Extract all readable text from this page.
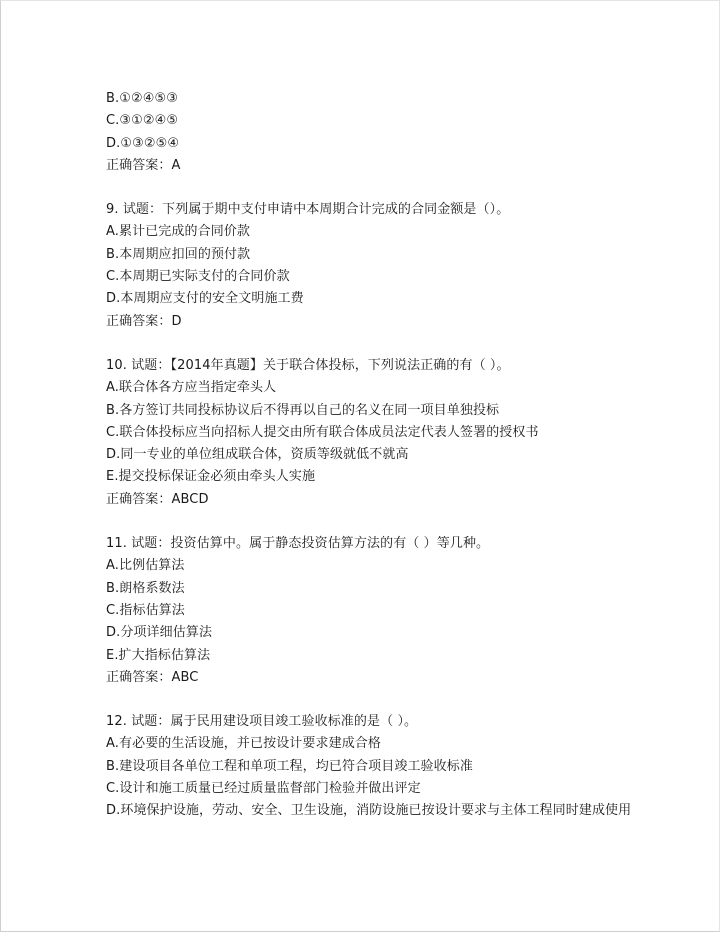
B.①②④⑤③
C.③①②④⑤
D.①③②⑤④
正确答案：A
9. 试题：下列属于期中支付申请中本周期合计完成的合同金额是（）。
A.累计已完成的合同价款
B.本周期应扣回的预付款
C.本周期已实际支付的合同价款
D.本周期应支付的安全文明施工费
正确答案：D
10. 试题：【2014年真题】关于联合体投标，下列说法正确的有（ ）。
A.联合体各方应当指定牵头人
B.各方签订共同投标协议后不得再以自己的名义在同一项目单独投标
C.联合体投标应当向招标人提交由所有联合体成员法定代表人签署的授权书
D.同一专业的单位组成联合体，资质等级就低不就高
E.提交投标保证金必须由牵头人实施
正确答案：ABCD
11. 试题：投资估算中。属于静态投资估算方法的有（ ）等几种。
A.比例估算法
B.朗格系数法
C.指标估算法
D.分项详细估算法
E.扩大指标估算法
正确答案：ABC
12. 试题：属于民用建设项目竣工验收标准的是（ ）。
A.有必要的生活设施，并已按设计要求建成合格
B.建设项目各单位工程和单项工程，均已符合项目竣工验收标准
C.设计和施工质量已经过质量监督部门检验并做出评定
D.环境保护设施，劳动、安全、卫生设施，消防设施已按设计要求与主体工程同时建成使用
